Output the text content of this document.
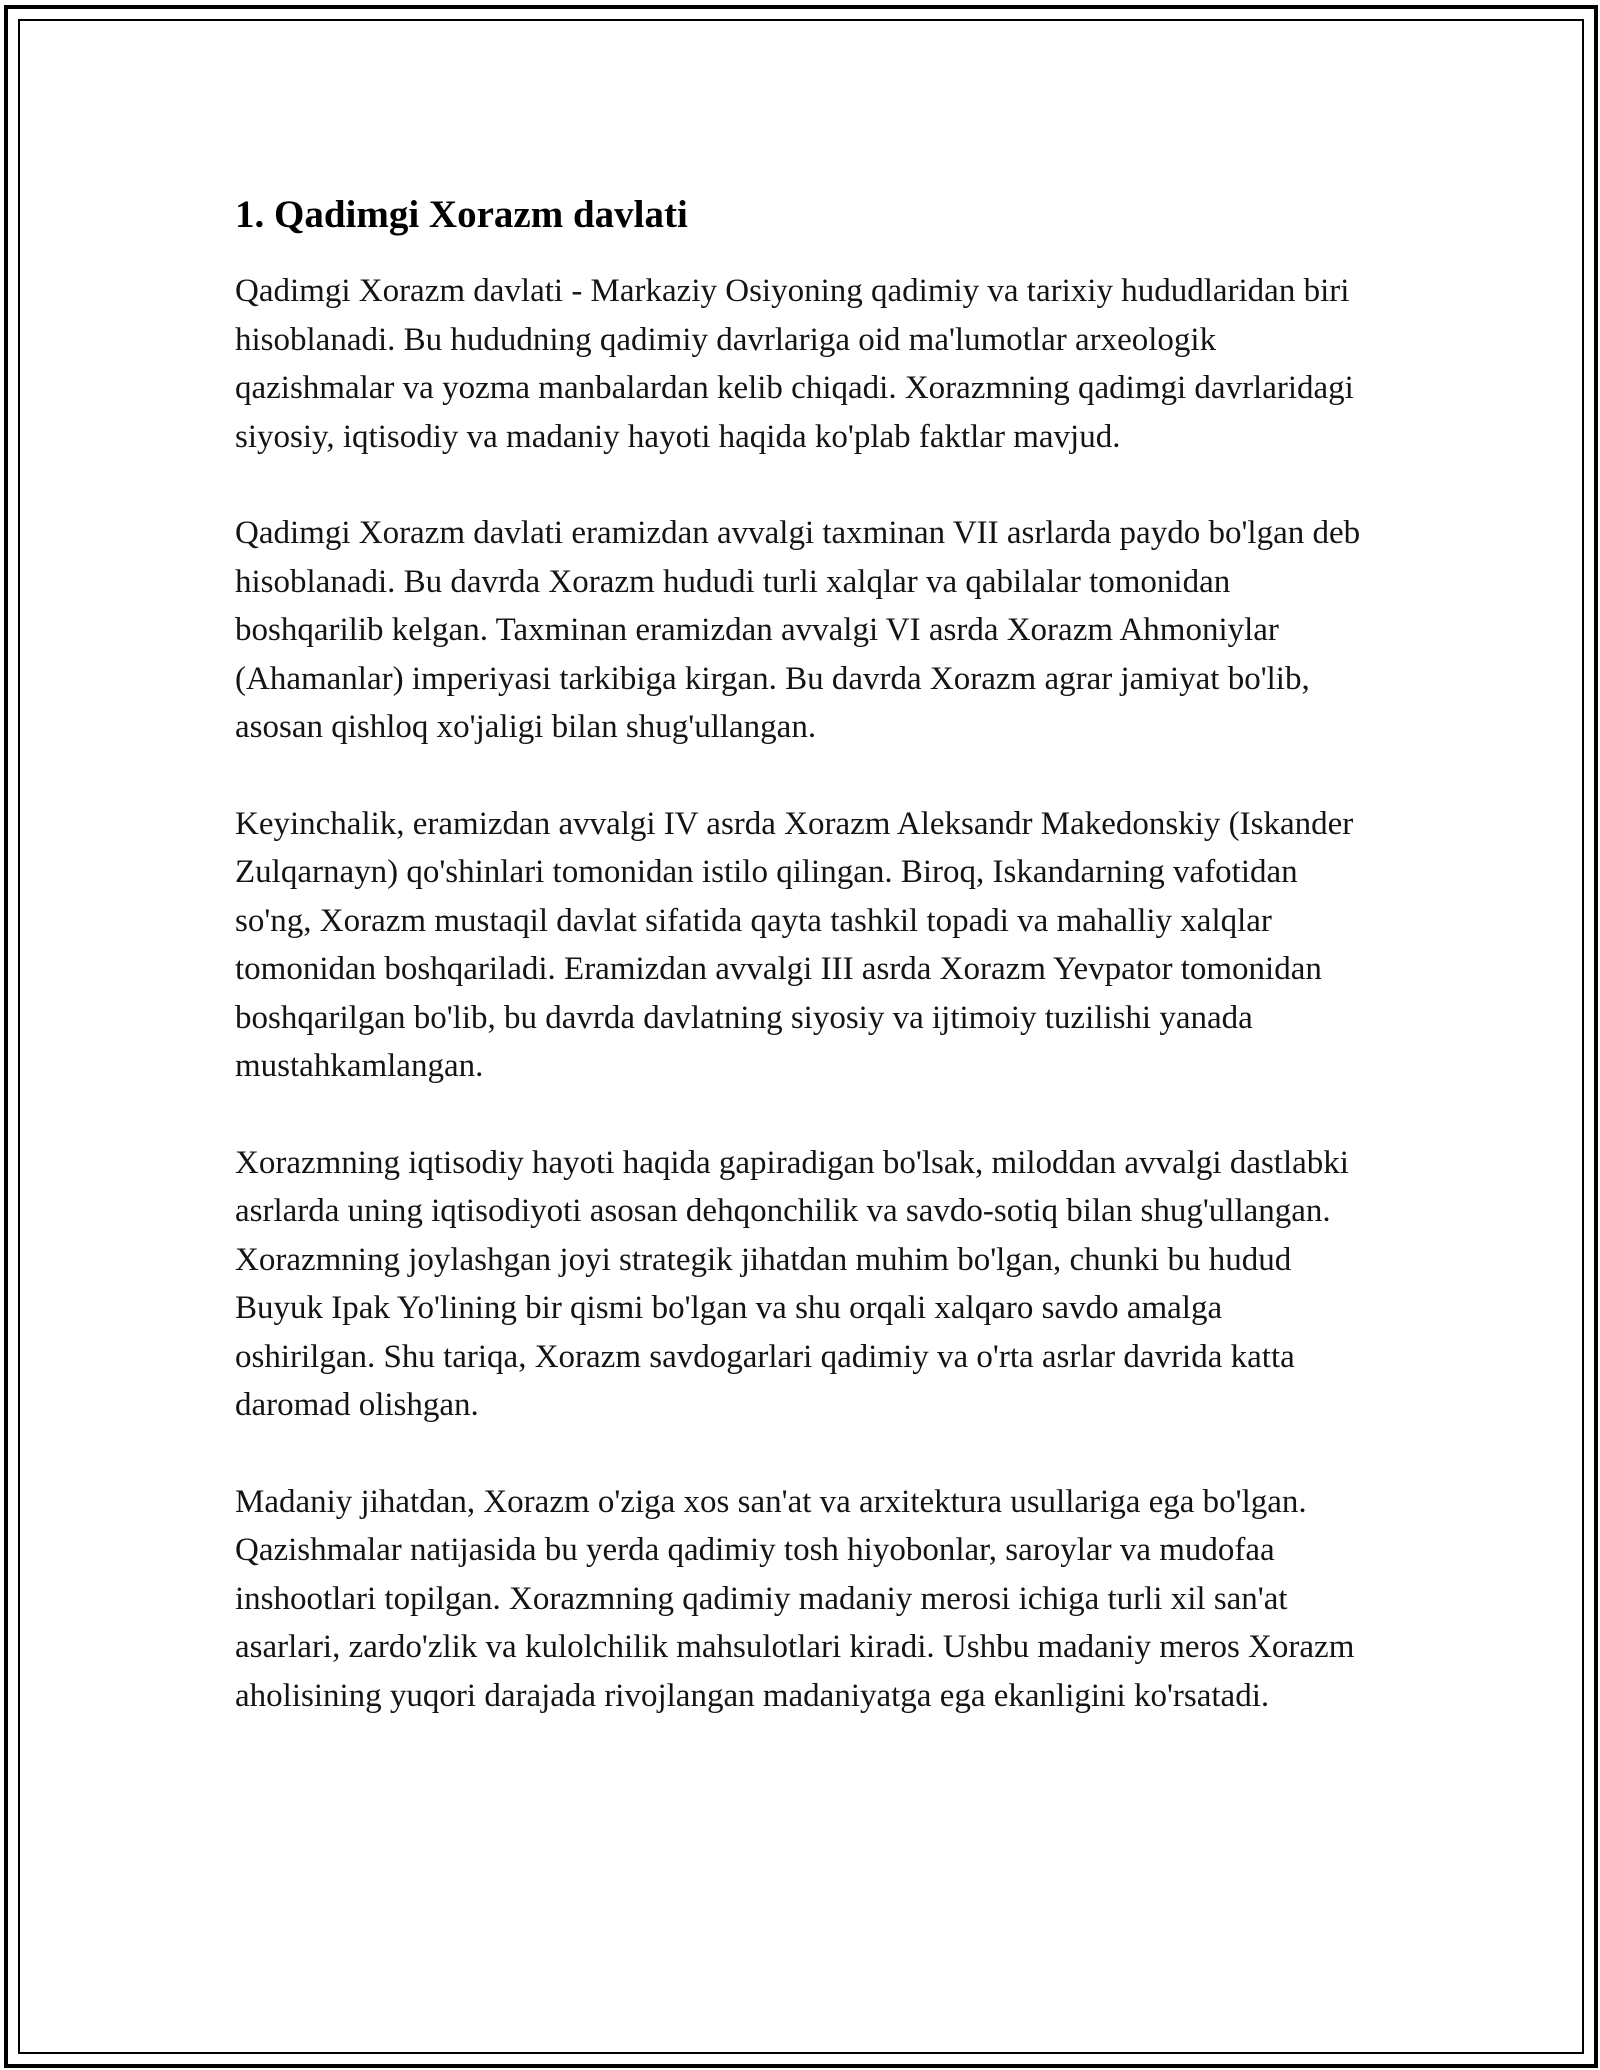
1. Qadimgi Xorazm davlati

Qadimgi Xorazm davlati - Markaziy Osiyoning qadimiy va tarixiy hududlaridan biri hisoblanadi. Bu hududning qadimiy davrlariga oid ma'lumotlar arxeologik qazishmalar va yozma manbalardan kelib chiqadi. Xorazmning qadimgi davrlaridagi siyosiy, iqtisodiy va madaniy hayoti haqida ko'plab faktlar mavjud.

Qadimgi Xorazm davlati eramizdan avvalgi taxminan VII asrlarda paydo bo'lgan deb hisoblanadi. Bu davrda Xorazm hududi turli xalqlar va qabilalar tomonidan boshqarilib kelgan. Taxminan eramizdan avvalgi VI asrda Xorazm Ahmoniylar (Ahamanlar) imperiyasi tarkibiga kirgan. Bu davrda Xorazm agrar jamiyat bo'lib, asosan qishloq xo'jaligi bilan shug'ullangan.

Keyinchalik, eramizdan avvalgi IV asrda Xorazm Aleksandr Makedonskiy (Iskander Zulqarnayn) qo'shinlari tomonidan istilo qilingan. Biroq, Iskandarning vafotidan so'ng, Xorazm mustaqil davlat sifatida qayta tashkil topadi va mahalliy xalqlar tomonidan boshqariladi. Eramizdan avvalgi III asrda Xorazm Yevpator tomonidan boshqarilgan bo'lib, bu davrda davlatning siyosiy va ijtimoiy tuzilishi yanada mustahkamlangan.

Xorazmning iqtisodiy hayoti haqida gapiradigan bo'lsak, miloddan avvalgi dastlabki asrlarda uning iqtisodiyoti asosan dehqonchilik va savdo-sotiq bilan shug'ullangan. Xorazmning joylashgan joyi strategik jihatdan muhim bo'lgan, chunki bu hudud Buyuk Ipak Yo'lining bir qismi bo'lgan va shu orqali xalqaro savdo amalga oshirilgan. Shu tariqa, Xorazm savdogarlari qadimiy va o'rta asrlar davrida katta daromad olishgan.

Madaniy jihatdan, Xorazm o'ziga xos san'at va arxitektura usullariga ega bo'lgan. Qazishmalar natijasida bu yerda qadimiy tosh hiyobonlar, saroylar va mudofaa inshootlari topilgan. Xorazmning qadimiy madaniy merosi ichiga turli xil san'at asarlari, zardo'zlik va kulolchilik mahsulotlari kiradi. Ushbu madaniy meros Xorazm aholisining yuqori darajada rivojlangan madaniyatga ega ekanligini ko'rsatadi.
